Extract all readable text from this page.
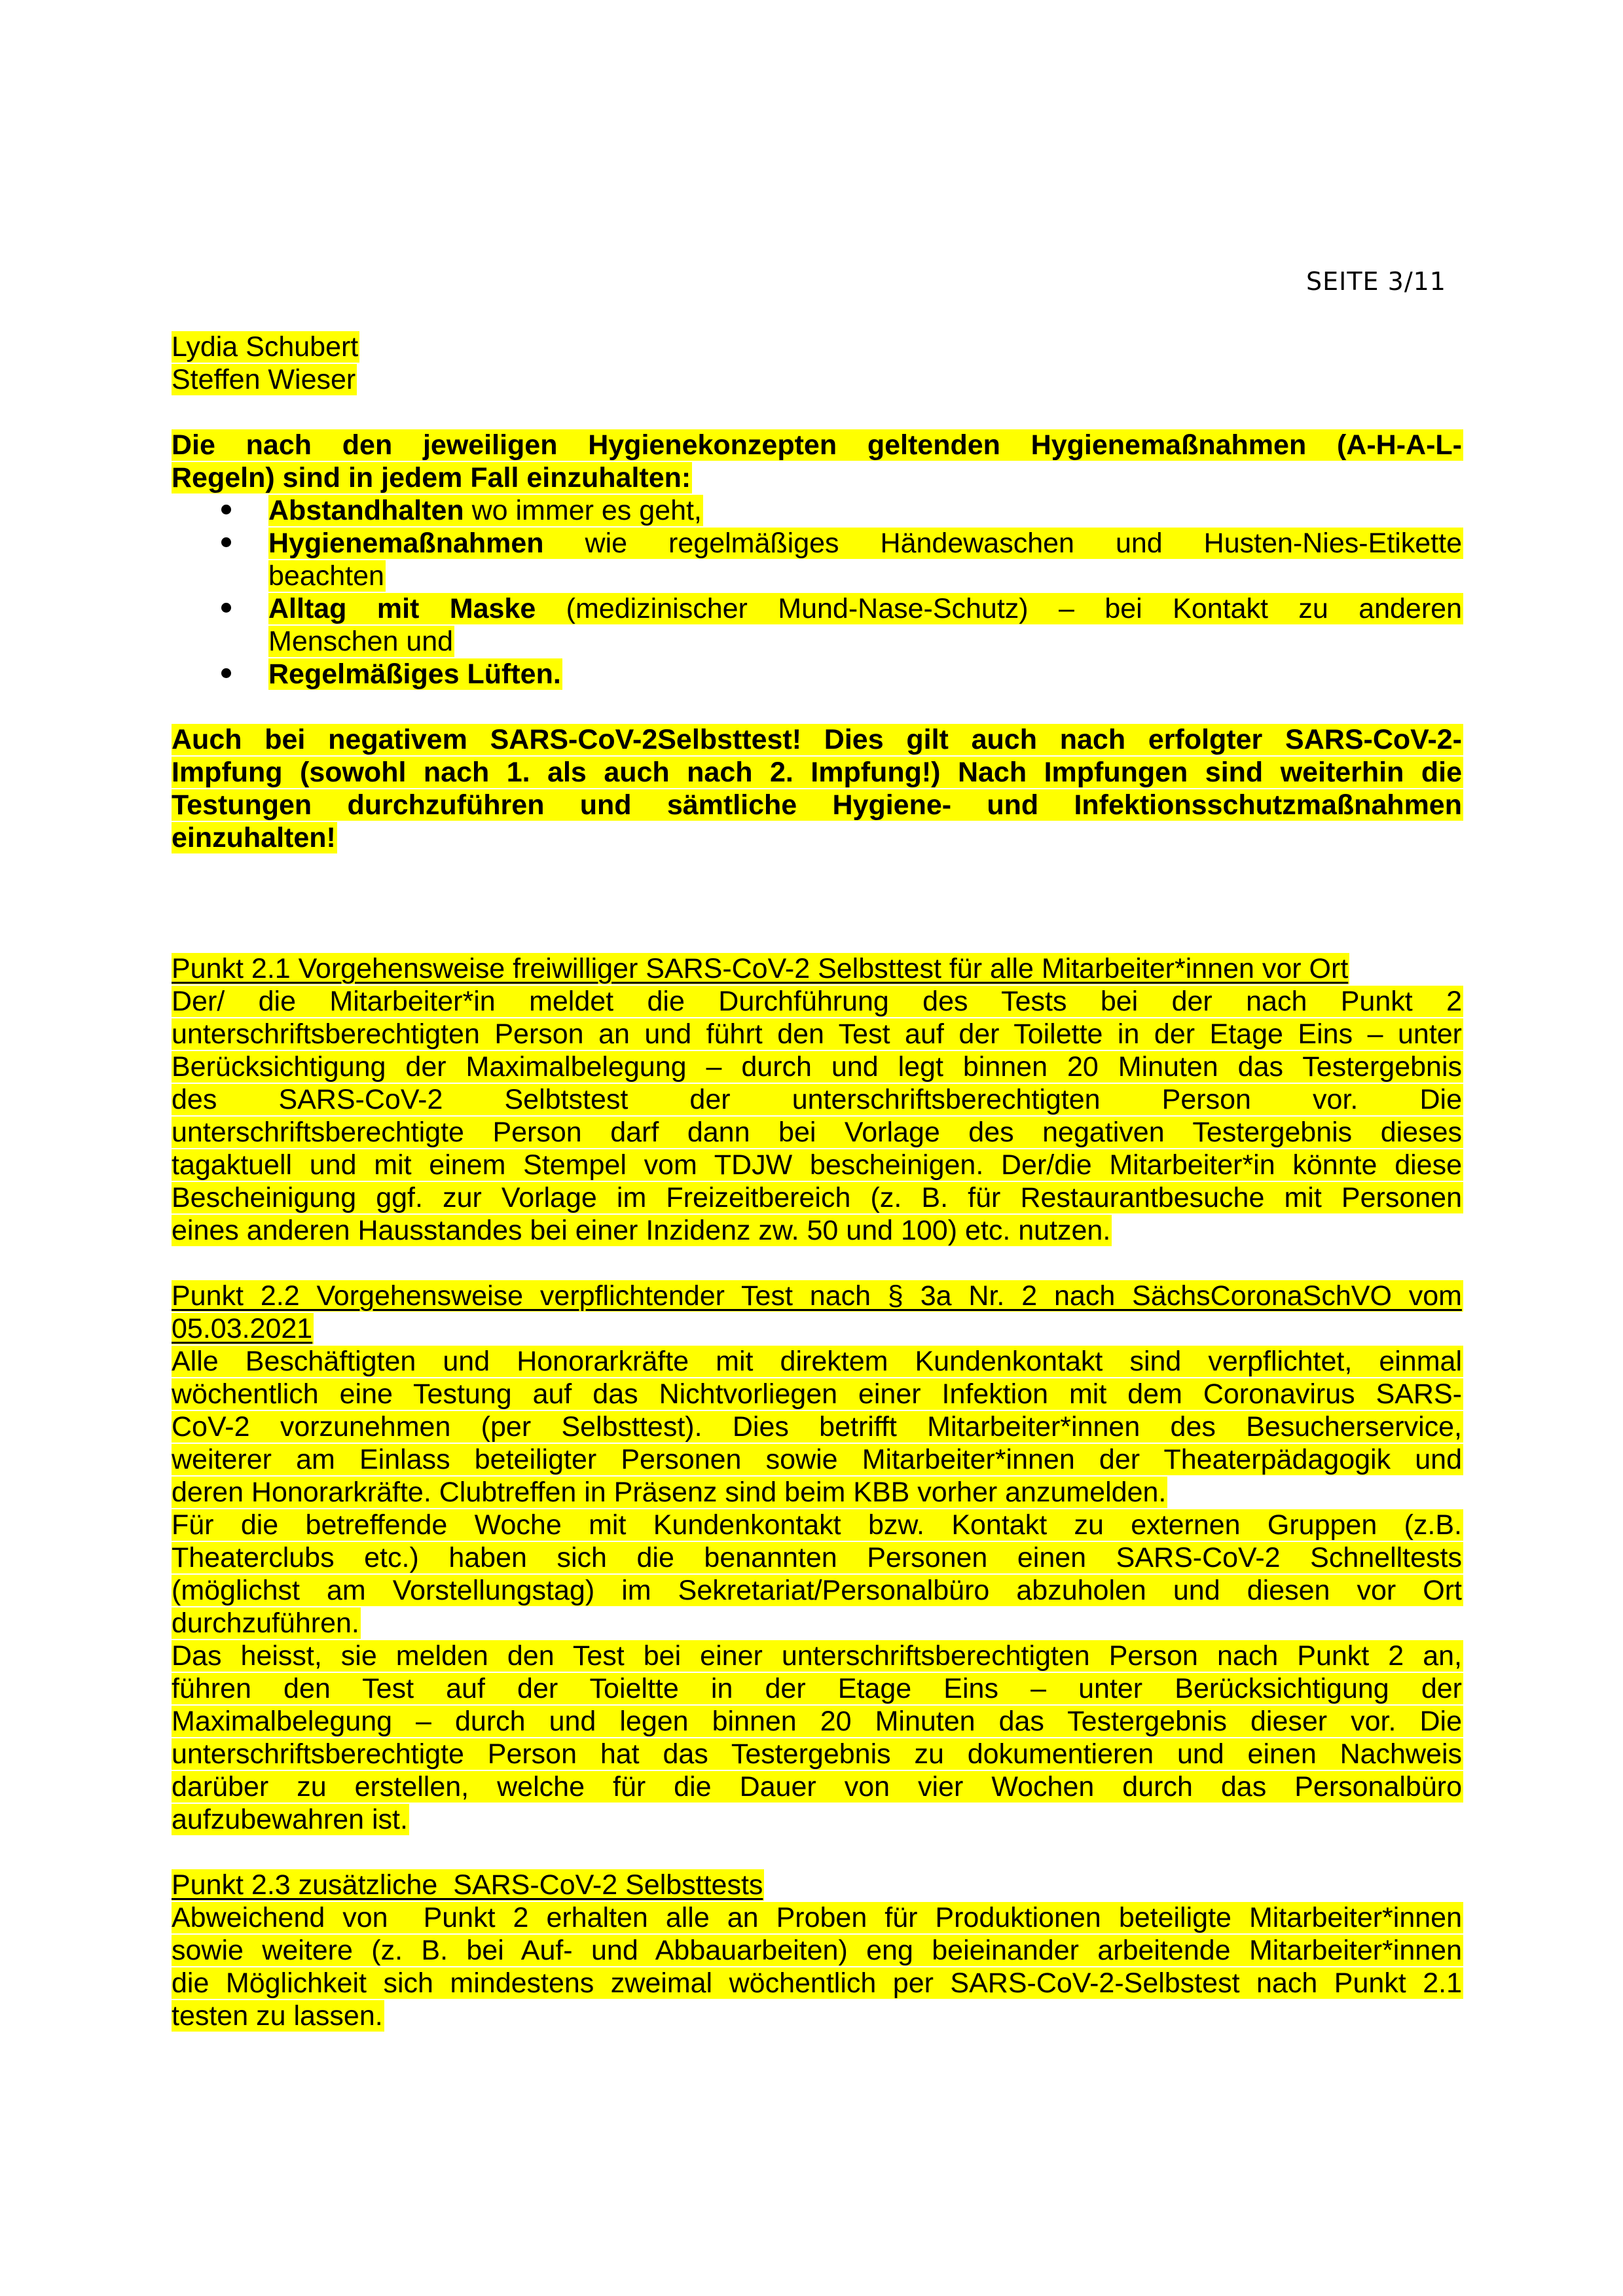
SEITE 3/11
Lydia Schubert
Steffen Wieser
Die nach den jeweiligen Hygienekonzepten geltenden Hygienemaßnahmen (A-H-A-L-
Regeln) sind in jedem Fall einzuhalten:
Abstandhalten wo immer es geht,
Hygienemaßnahmen wie regelmäßiges Händewaschen und Husten-Nies-Etikette
beachten
Alltag mit Maske (medizinischer Mund-Nase-Schutz) – bei Kontakt zu anderen
Menschen und
Regelmäßiges Lüften.
Auch bei negativem SARS-CoV-2Selbsttest! Dies gilt auch nach erfolgter SARS-CoV-2-
Impfung (sowohl nach 1. als auch nach 2. Impfung!) Nach Impfungen sind weiterhin die
Testungen durchzuführen und sämtliche Hygiene- und Infektionsschutzmaßnahmen
einzuhalten!
Punkt 2.1 Vorgehensweise freiwilliger SARS-CoV-2 Selbsttest für alle Mitarbeiter*innen vor Ort
Der/ die Mitarbeiter*in meldet die Durchführung des Tests bei der nach Punkt 2
unterschriftsberechtigten Person an und führt den Test auf der Toilette in der Etage Eins – unter
Berücksichtigung der Maximalbelegung – durch und legt binnen 20 Minuten das Testergebnis
des SARS-CoV-2 Selbtstest der unterschriftsberechtigten Person vor. Die
unterschriftsberechtigte Person darf dann bei Vorlage des negativen Testergebnis dieses
tagaktuell und mit einem Stempel vom TDJW bescheinigen. Der/die Mitarbeiter*in könnte diese
Bescheinigung ggf. zur Vorlage im Freizeitbereich (z. B. für Restaurantbesuche mit Personen
eines anderen Hausstandes bei einer Inzidenz zw. 50 und 100) etc. nutzen.
Punkt 2.2 Vorgehensweise verpflichtender Test nach § 3a Nr. 2 nach SächsCoronaSchVO vom
05.03.2021
Alle Beschäftigten und Honorarkräfte mit direktem Kundenkontakt sind verpflichtet, einmal
wöchentlich eine Testung auf das Nichtvorliegen einer Infektion mit dem Coronavirus SARS-
CoV-2 vorzunehmen (per Selbsttest). Dies betrifft Mitarbeiter*innen des Besucherservice,
weiterer am Einlass beteiligter Personen sowie Mitarbeiter*innen der Theaterpädagogik und
deren Honorarkräfte. Clubtreffen in Präsenz sind beim KBB vorher anzumelden.
Für die betreffende Woche mit Kundenkontakt bzw. Kontakt zu externen Gruppen (z.B.
Theaterclubs etc.) haben sich die benannten Personen einen SARS-CoV-2 Schnelltests
(möglichst am Vorstellungstag) im Sekretariat/Personalbüro abzuholen und diesen vor Ort
durchzuführen.
Das heisst, sie melden den Test bei einer unterschriftsberechtigten Person nach Punkt 2 an,
führen den Test auf der Toieltte in der Etage Eins – unter Berücksichtigung der
Maximalbelegung – durch und legen binnen 20 Minuten das Testergebnis dieser vor. Die
unterschriftsberechtigte Person hat das Testergebnis zu dokumentieren und einen Nachweis
darüber zu erstellen, welche für die Dauer von vier Wochen durch das Personalbüro
aufzubewahren ist.
Punkt 2.3 zusätzliche  SARS-CoV-2 Selbsttests
Abweichend von  Punkt 2 erhalten alle an Proben für Produktionen beteiligte Mitarbeiter*innen
sowie weitere (z. B. bei Auf- und Abbauarbeiten) eng beieinander arbeitende Mitarbeiter*innen
die Möglichkeit sich mindestens zweimal wöchentlich per SARS-CoV-2-Selbstest nach Punkt 2.1
testen zu lassen.
